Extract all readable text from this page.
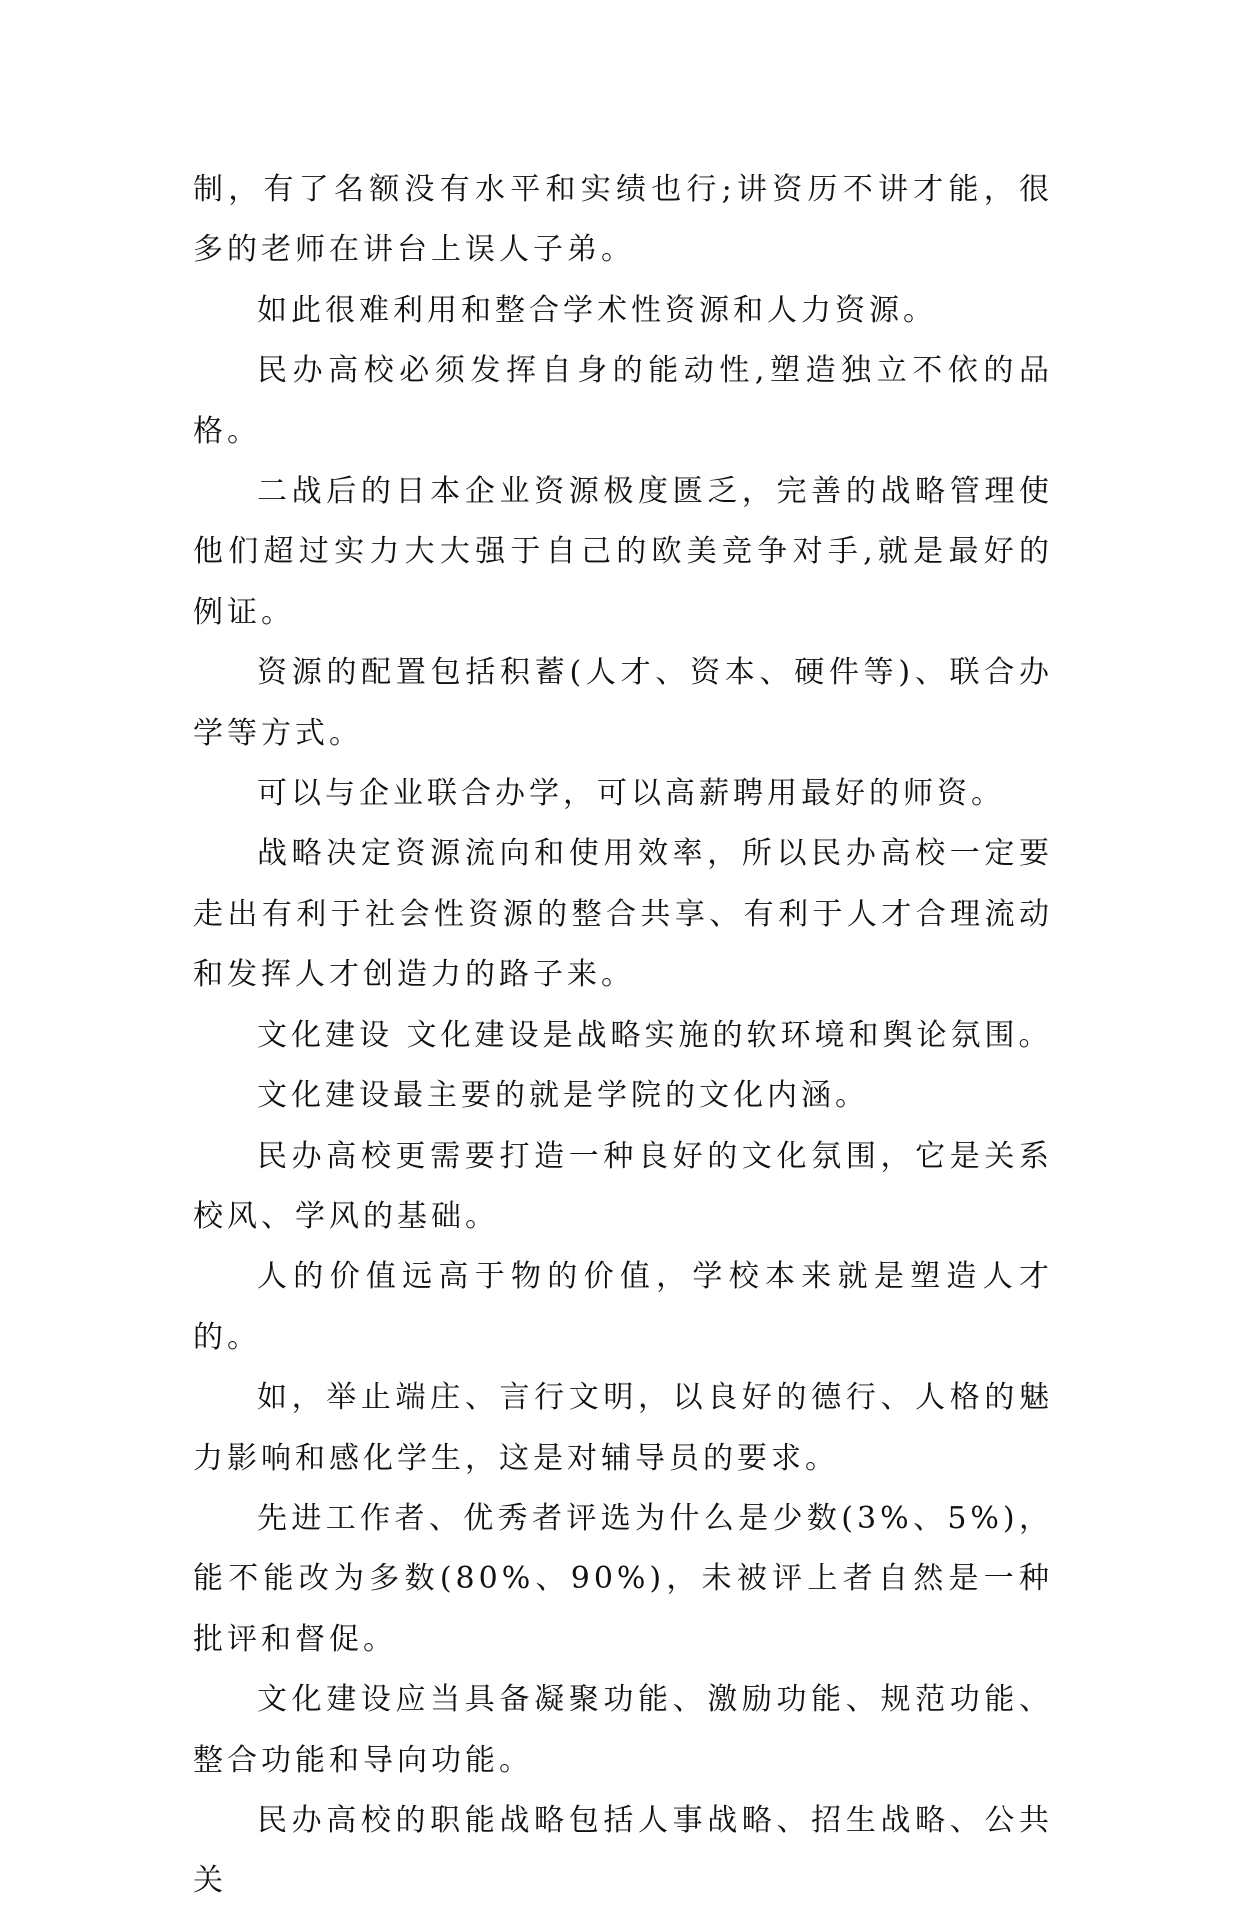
制，有了名额没有水平和实绩也行;讲资历不讲才能，很多的老师在讲台上误人子弟。

如此很难利用和整合学术性资源和人力资源。

民办高校必须发挥自身的能动性,塑造独立不依的品格。

二战后的日本企业资源极度匮乏，完善的战略管理使他们超过实力大大强于自己的欧美竞争对手,就是最好的例证。

资源的配置包括积蓄(人才、资本、硬件等)、联合办学等方式。

可以与企业联合办学，可以高薪聘用最好的师资。

战略决定资源流向和使用效率，所以民办高校一定要走出有利于社会性资源的整合共享、有利于人才合理流动和发挥人才创造力的路子来。

文化建设 文化建设是战略实施的软环境和舆论氛围。

文化建设最主要的就是学院的文化内涵。

民办高校更需要打造一种良好的文化氛围，它是关系校风、学风的基础。

人的价值远高于物的价值，学校本来就是塑造人才的。

如，举止端庄、言行文明，以良好的德行、人格的魅力影响和感化学生，这是对辅导员的要求。

先进工作者、优秀者评选为什么是少数(3%、5%)，能不能改为多数(80%、90%)，未被评上者自然是一种批评和督促。

文化建设应当具备凝聚功能、激励功能、规范功能、整合功能和导向功能。

民办高校的职能战略包括人事战略、招生战略、公共关
